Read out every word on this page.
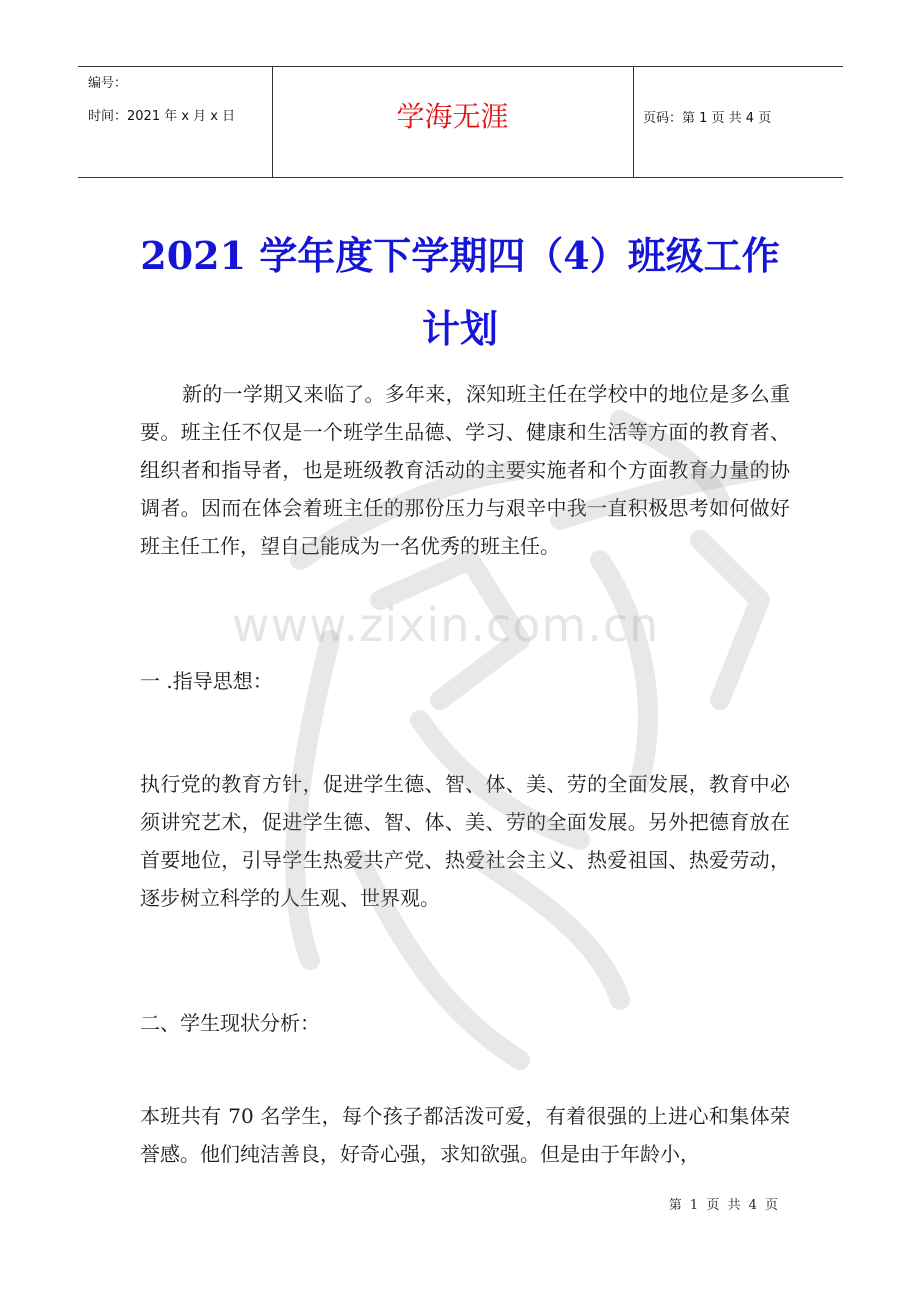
编号：
时间：2021 年 x 月 x 日	学海无涯	页码：第 1 页 共 4 页
2021 学年度下学期四（4）班级工作
计划
新的一学期又来临了。多年来，深知班主任在学校中的地位是多么重要。班主任不仅是一个班学生品德、学习、健康和生活等方面的教育者、组织者和指导者，也是班级教育活动的主要实施者和个方面教育力量的协调者。因而在体会着班主任的那份压力与艰辛中我一直积极思考如何做好班主任工作，望自己能成为一名优秀的班主任。
一 .指导思想：
执行党的教育方针，促进学生德、智、体、美、劳的全面发展，教育中必须讲究艺术，促进学生德、智、体、美、劳的全面发展。另外把德育放在首要地位，引导学生热爱共产党、热爱社会主义、热爱祖国、热爱劳动，逐步树立科学的人生观、世界观。
二、学生现状分析：
本班共有 70 名学生，每个孩子都活泼可爱，有着很强的上进心和集体荣誉感。他们纯洁善良，好奇心强，求知欲强。但是由于年龄小，
第 1 页 共 4 页
www.zixin.com.cn
